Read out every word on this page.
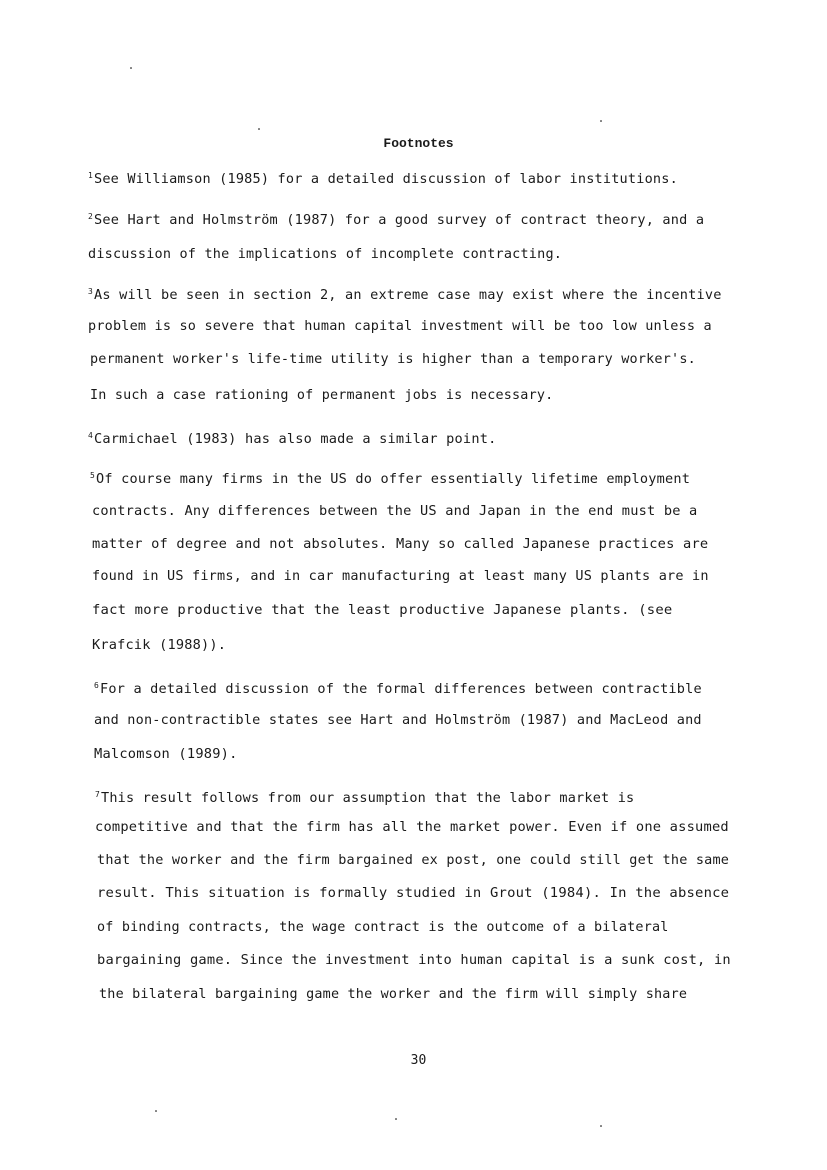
Footnotes
$^1$See Williamson (1985) for a detailed discussion of labor institutions.
$^2$See Hart and Holmström (1987) for a good survey of contract theory, and a
discussion of the implications of incomplete contracting.
$^3$As will be seen in section 2, an extreme case may exist where the incentive
problem is so severe that human capital investment will be too low unless a
permanent worker's life-time utility is higher than a temporary worker's.
In such a case rationing of permanent jobs is necessary.
$^4$Carmichael (1983) has also made a similar point.
$^5$Of course many firms in the US do offer essentially lifetime employment
contracts. Any differences between the US and Japan in the end must be a
matter of degree and not absolutes. Many so called Japanese practices are
found in US firms, and in car manufacturing at least many US plants are in
fact more productive that the least productive Japanese plants. (see
Krafcik (1988)).
$^6$For a detailed discussion of the formal differences between contractible
and non-contractible states see Hart and Holmström (1987) and MacLeod and
Malcomson (1989).
$^7$This result follows from our assumption that the labor market is
competitive and that the firm has all the market power. Even if one assumed
that the worker and the firm bargained ex post, one could still get the same
result. This situation is formally studied in Grout (1984). In the absence
of binding contracts, the wage contract is the outcome of a bilateral
bargaining game. Since the investment into human capital is a sunk cost, in
the bilateral bargaining game the worker and the firm will simply share
30
